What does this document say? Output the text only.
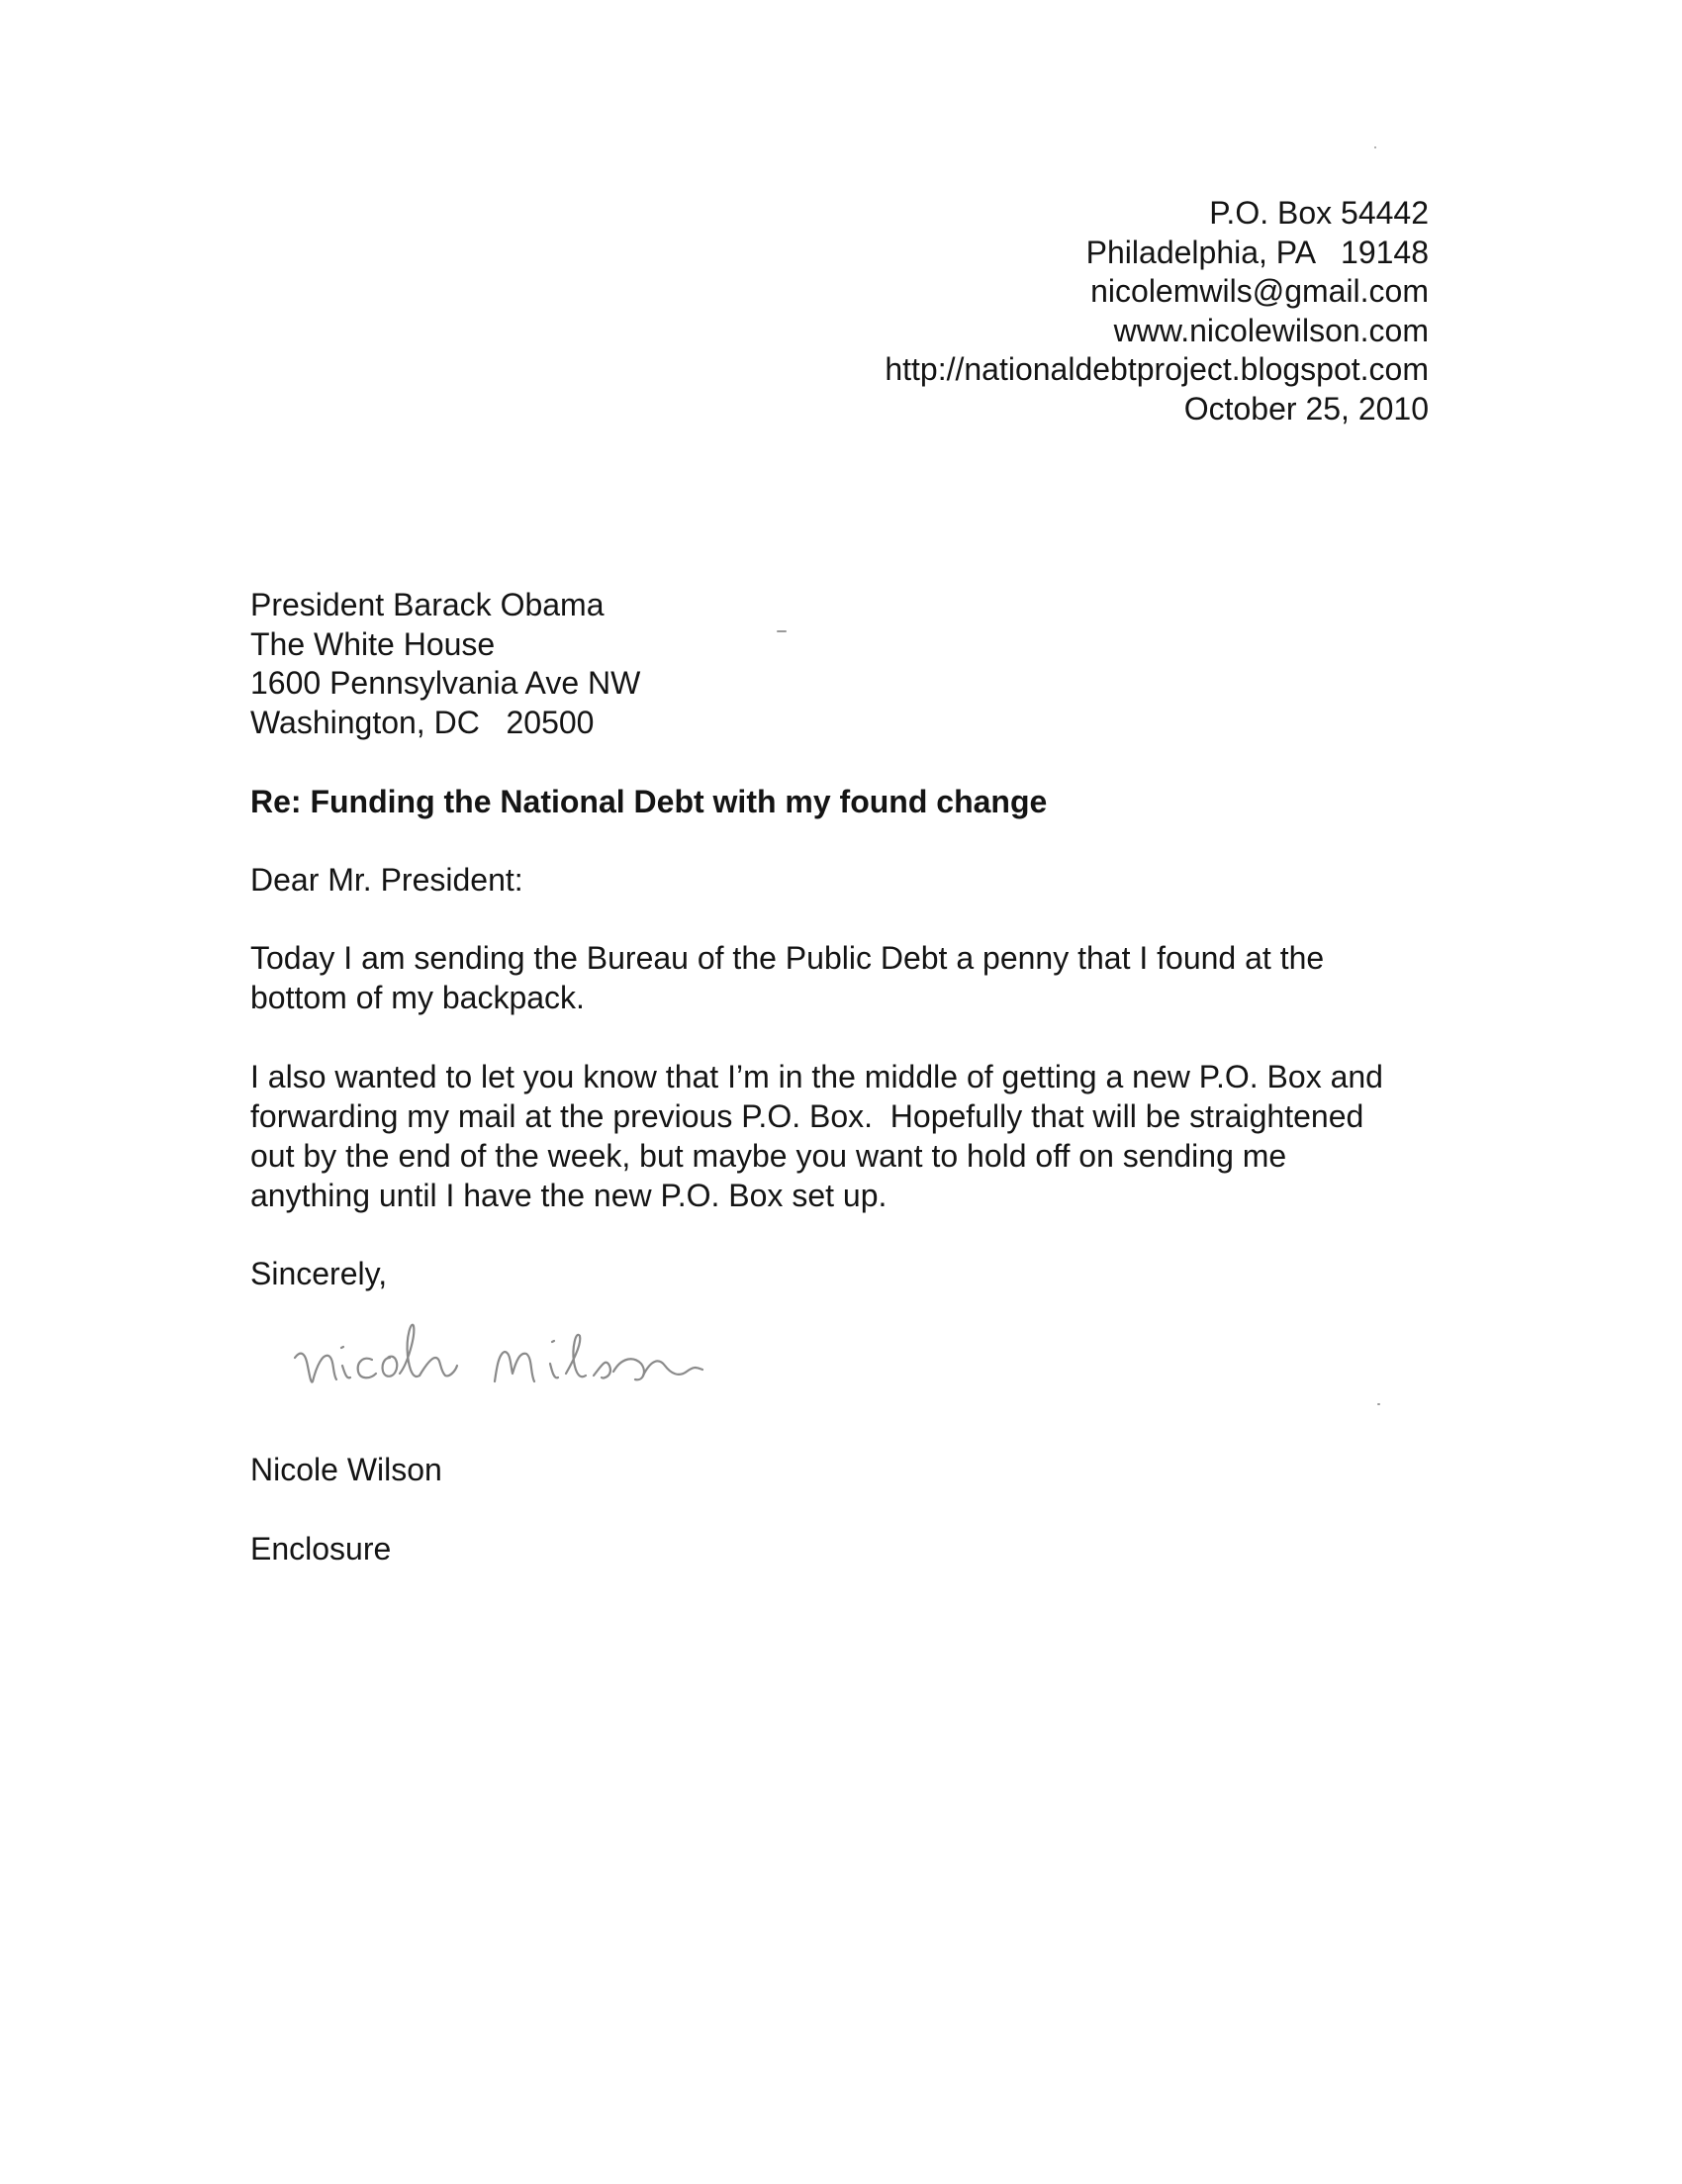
P.O. Box 54442
Philadelphia, PA   19148
nicolemwils@gmail.com
www.nicolewilson.com
http://nationaldebtproject.blogspot.com
October 25, 2010
President Barack Obama
The White House
1600 Pennsylvania Ave NW
Washington, DC   20500
Re: Funding the National Debt with my found change
Dear Mr. President:
Today I am sending the Bureau of the Public Debt a penny that I found at the
bottom of my backpack.
I also wanted to let you know that I’m in the middle of getting a new P.O. Box and
forwarding my mail at the previous P.O. Box.  Hopefully that will be straightened
out by the end of the week, but maybe you want to hold off on sending me
anything until I have the new P.O. Box set up.
Sincerely,
Nicole Wilson
Enclosure
